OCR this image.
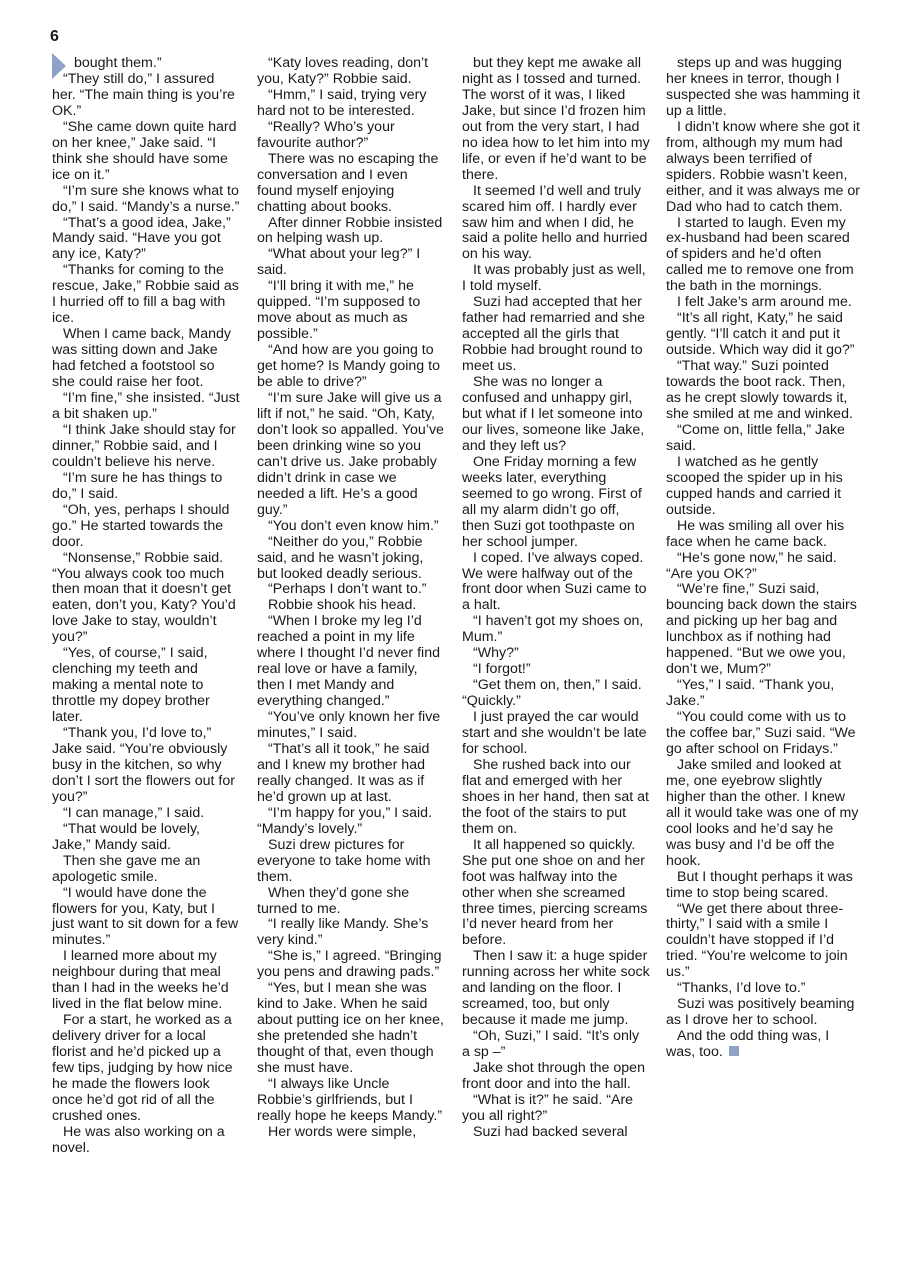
6

bought them.”

“They still do,” I assured her. “The main thing is you’re OK.”

“She came down quite hard on her knee,” Jake said. “I think she should have some ice on it.”

“I’m sure she knows what to do,” I said. “Mandy’s a nurse.”

“That’s a good idea, Jake,” Mandy said. “Have you got any ice, Katy?”

“Thanks for coming to the rescue, Jake,” Robbie said as I hurried off to fill a bag with ice.

When I came back, Mandy was sitting down and Jake had fetched a footstool so she could raise her foot.

“I’m fine,” she insisted. “Just a bit shaken up.”

“I think Jake should stay for dinner,” Robbie said, and I couldn’t believe his nerve.

“I’m sure he has things to do,” I said.

“Oh, yes, perhaps I should go.” He started towards the door.

“Nonsense,” Robbie said. “You always cook too much then moan that it doesn’t get eaten, don’t you, Katy? You’d love Jake to stay, wouldn’t you?”

“Yes, of course,” I said, clenching my teeth and making a mental note to throttle my dopey brother later.

“Thank you, I’d love to,” Jake said. “You’re obviously busy in the kitchen, so why don’t I sort the flowers out for you?”

“I can manage,” I said.

“That would be lovely, Jake,” Mandy said.

Then she gave me an apologetic smile.

“I would have done the flowers for you, Katy, but I just want to sit down for a few minutes.”

I learned more about my neighbour during that meal than I had in the weeks he’d lived in the flat below mine.

For a start, he worked as a delivery driver for a local florist and he’d picked up a few tips, judging by how nice he made the flowers look once he’d got rid of all the crushed ones.

He was also working on a novel.

“Katy loves reading, don’t you, Katy?” Robbie said.

“Hmm,” I said, trying very hard not to be interested.

“Really? Who’s your favourite author?”

There was no escaping the conversation and I even found myself enjoying chatting about books.

After dinner Robbie insisted on helping wash up.

“What about your leg?” I said.

“I’ll bring it with me,” he quipped. “I’m supposed to move about as much as possible.”

“And how are you going to get home? Is Mandy going to be able to drive?”

“I’m sure Jake will give us a lift if not,” he said. “Oh, Katy, don’t look so appalled. You’ve been drinking wine so you can’t drive us. Jake probably didn’t drink in case we needed a lift. He’s a good guy.”

“You don’t even know him.”

“Neither do you,” Robbie said, and he wasn’t joking, but looked deadly serious.

“Perhaps I don’t want to.”

Robbie shook his head.

“When I broke my leg I’d reached a point in my life where I thought I’d never find real love or have a family, then I met Mandy and everything changed.”

“You’ve only known her five minutes,” I said.

“That’s all it took,” he said and I knew my brother had really changed. It was as if he’d grown up at last.

“I’m happy for you,” I said. “Mandy’s lovely.”

Suzi drew pictures for everyone to take home with them.

When they’d gone she turned to me.

“I really like Mandy. She’s very kind.”

“She is,” I agreed. “Bringing you pens and drawing pads.”

“Yes, but I mean she was kind to Jake. When he said about putting ice on her knee, she pretended she hadn’t thought of that, even though she must have.

“I always like Uncle Robbie’s girlfriends, but I really hope he keeps Mandy.”

Her words were simple,

but they kept me awake all night as I tossed and turned. The worst of it was, I liked Jake, but since I’d frozen him out from the very start, I had no idea how to let him into my life, or even if he’d want to be there.

It seemed I’d well and truly scared him off. I hardly ever saw him and when I did, he said a polite hello and hurried on his way.

It was probably just as well, I told myself.

Suzi had accepted that her father had remarried and she accepted all the girls that Robbie had brought round to meet us.

She was no longer a confused and unhappy girl, but what if I let someone into our lives, someone like Jake, and they left us?

One Friday morning a few weeks later, everything seemed to go wrong. First of all my alarm didn’t go off, then Suzi got toothpaste on her school jumper.

I coped. I’ve always coped. We were halfway out of the front door when Suzi came to a halt.

“I haven’t got my shoes on, Mum.”

“Why?”

“I forgot!”

“Get them on, then,” I said. “Quickly.”

I just prayed the car would start and she wouldn’t be late for school.

She rushed back into our flat and emerged with her shoes in her hand, then sat at the foot of the stairs to put them on.

It all happened so quickly. She put one shoe on and her foot was halfway into the other when she screamed three times, piercing screams I’d never heard from her before.

Then I saw it: a huge spider running across her white sock and landing on the floor. I screamed, too, but only because it made me jump.

“Oh, Suzi,” I said. “It’s only a sp –”

Jake shot through the open front door and into the hall.

“What is it?” he said. “Are you all right?”

Suzi had backed several

steps up and was hugging her knees in terror, though I suspected she was hamming it up a little.

I didn’t know where she got it from, although my mum had always been terrified of spiders. Robbie wasn’t keen, either, and it was always me or Dad who had to catch them.

I started to laugh. Even my ex-husband had been scared of spiders and he’d often called me to remove one from the bath in the mornings.

I felt Jake’s arm around me.

“It’s all right, Katy,” he said gently. “I’ll catch it and put it outside. Which way did it go?”

“That way.” Suzi pointed towards the boot rack. Then, as he crept slowly towards it, she smiled at me and winked.

“Come on, little fella,” Jake said.

I watched as he gently scooped the spider up in his cupped hands and carried it outside.

He was smiling all over his face when he came back.

“He’s gone now,” he said. “Are you OK?”

“We’re fine,” Suzi said, bouncing back down the stairs and picking up her bag and lunchbox as if nothing had happened. “But we owe you, don’t we, Mum?”

“Yes,” I said. “Thank you, Jake.”

“You could come with us to the coffee bar,” Suzi said. “We go after school on Fridays.”

Jake smiled and looked at me, one eyebrow slightly higher than the other. I knew all it would take was one of my cool looks and he’d say he was busy and I’d be off the hook.

But I thought perhaps it was time to stop being scared.

“We get there about three-thirty,” I said with a smile I couldn’t have stopped if I’d tried. “You’re welcome to join us.”

“Thanks, I’d love to.”

Suzi was positively beaming as I drove her to school.

And the odd thing was, I was, too.
